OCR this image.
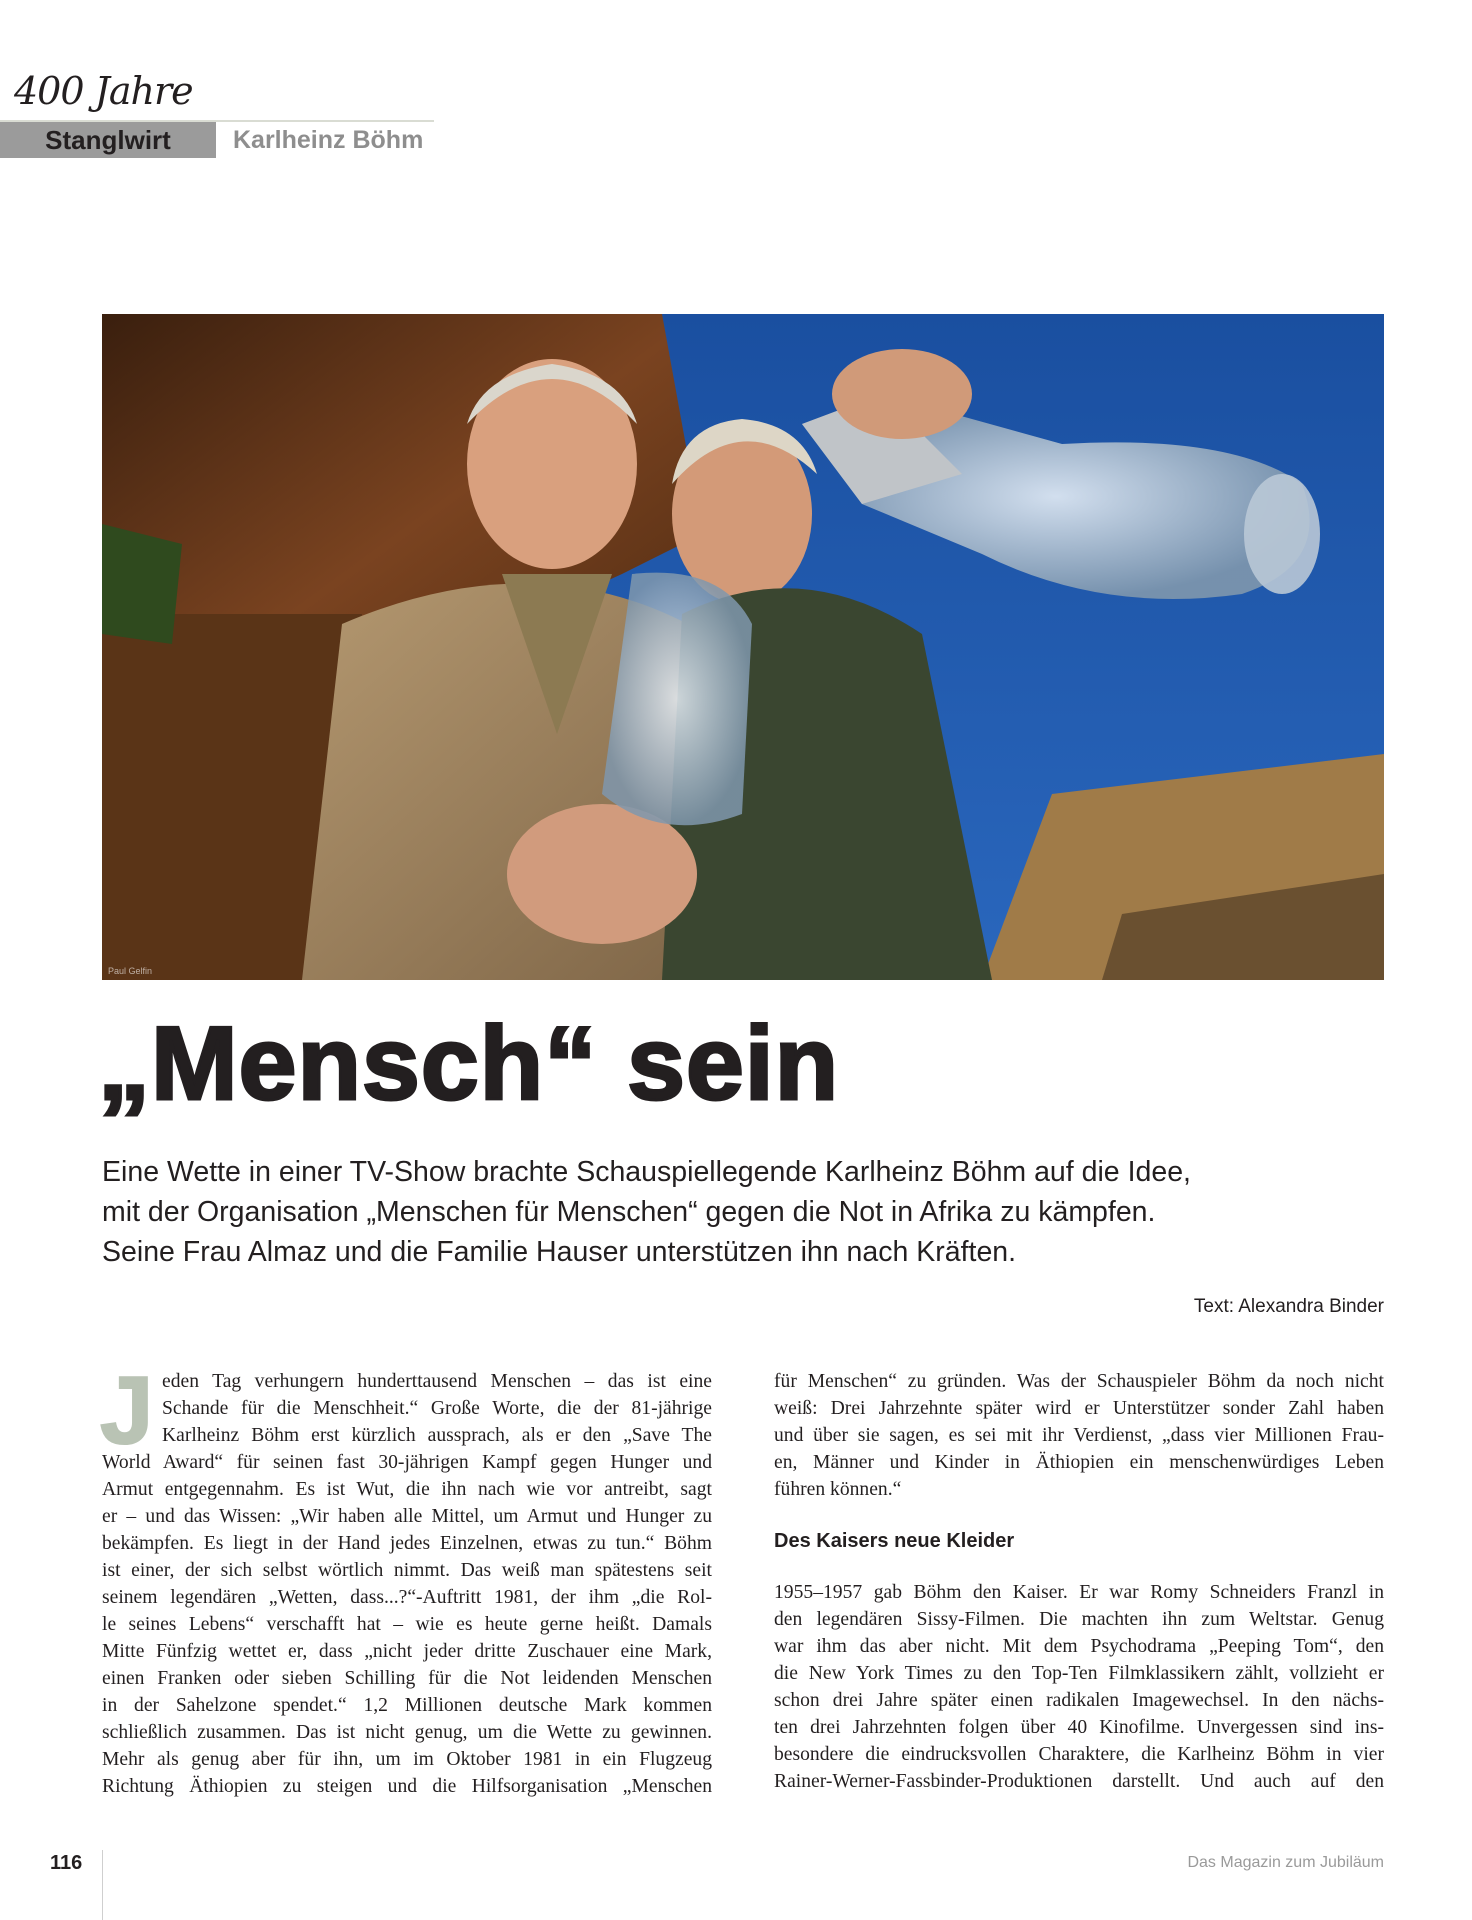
400 Jahre
Stanglwirt Karlheinz Böhm
Paul Gelfin
„Mensch“ sein
Eine Wette in einer TV-Show brachte Schauspiellegende Karlheinz Böhm auf die Idee,
mit der Organisation „Menschen für Menschen“ gegen die Not in Afrika zu kämpfen.
Seine Frau Almaz und die Familie Hauser unterstützen ihn nach Kräften.
Text: Alexandra Binder
J eden Tag verhungern hunderttausend Menschen – das ist eine
Schande für die Menschheit.“ Große Worte, die der 81-jährige
Karlheinz Böhm erst kürzlich aussprach, als er den „Save The
World Award“ für seinen fast 30-jährigen Kampf gegen Hunger und
Armut entgegennahm. Es ist Wut, die ihn nach wie vor antreibt, sagt
er – und das Wissen: „Wir haben alle Mittel, um Armut und Hunger zu
bekämpfen. Es liegt in der Hand jedes Einzelnen, etwas zu tun.“ Böhm
ist einer, der sich selbst wörtlich nimmt. Das weiß man spätestens seit
seinem legendären „Wetten, dass...?“-Auftritt 1981, der ihm „die Rol-
le seines Lebens“ verschafft hat – wie es heute gerne heißt. Damals
Mitte Fünfzig wettet er, dass „nicht jeder dritte Zuschauer eine Mark,
einen Franken oder sieben Schilling für die Not leidenden Menschen
in der Sahelzone spendet.“ 1,2 Millionen deutsche Mark kommen
schließlich zusammen. Das ist nicht genug, um die Wette zu gewinnen.
Mehr als genug aber für ihn, um im Oktober 1981 in ein Flugzeug
Richtung Äthiopien zu steigen und die Hilfsorganisation „Menschen
für Menschen“ zu gründen. Was der Schauspieler Böhm da noch nicht
weiß: Drei Jahrzehnte später wird er Unterstützer sonder Zahl haben
und über sie sagen, es sei mit ihr Verdienst, „dass vier Millionen Frau-
en, Männer und Kinder in Äthiopien ein menschenwürdiges Leben
führen können.“
Des Kaisers neue Kleider
1955–1957 gab Böhm den Kaiser. Er war Romy Schneiders Franzl in
den legendären Sissy-Filmen. Die machten ihn zum Weltstar. Genug
war ihm das aber nicht. Mit dem Psychodrama „Peeping Tom“, den
die New York Times zu den Top-Ten Filmklassikern zählt, vollzieht er
schon drei Jahre später einen radikalen Imagewechsel. In den nächs-
ten drei Jahrzehnten folgen über 40 Kinofilme. Unvergessen sind ins-
besondere die eindrucksvollen Charaktere, die Karlheinz Böhm in vier
Rainer-Werner-Fassbinder-Produktionen darstellt. Und auch auf den
116	Das Magazin zum Jubiläum
